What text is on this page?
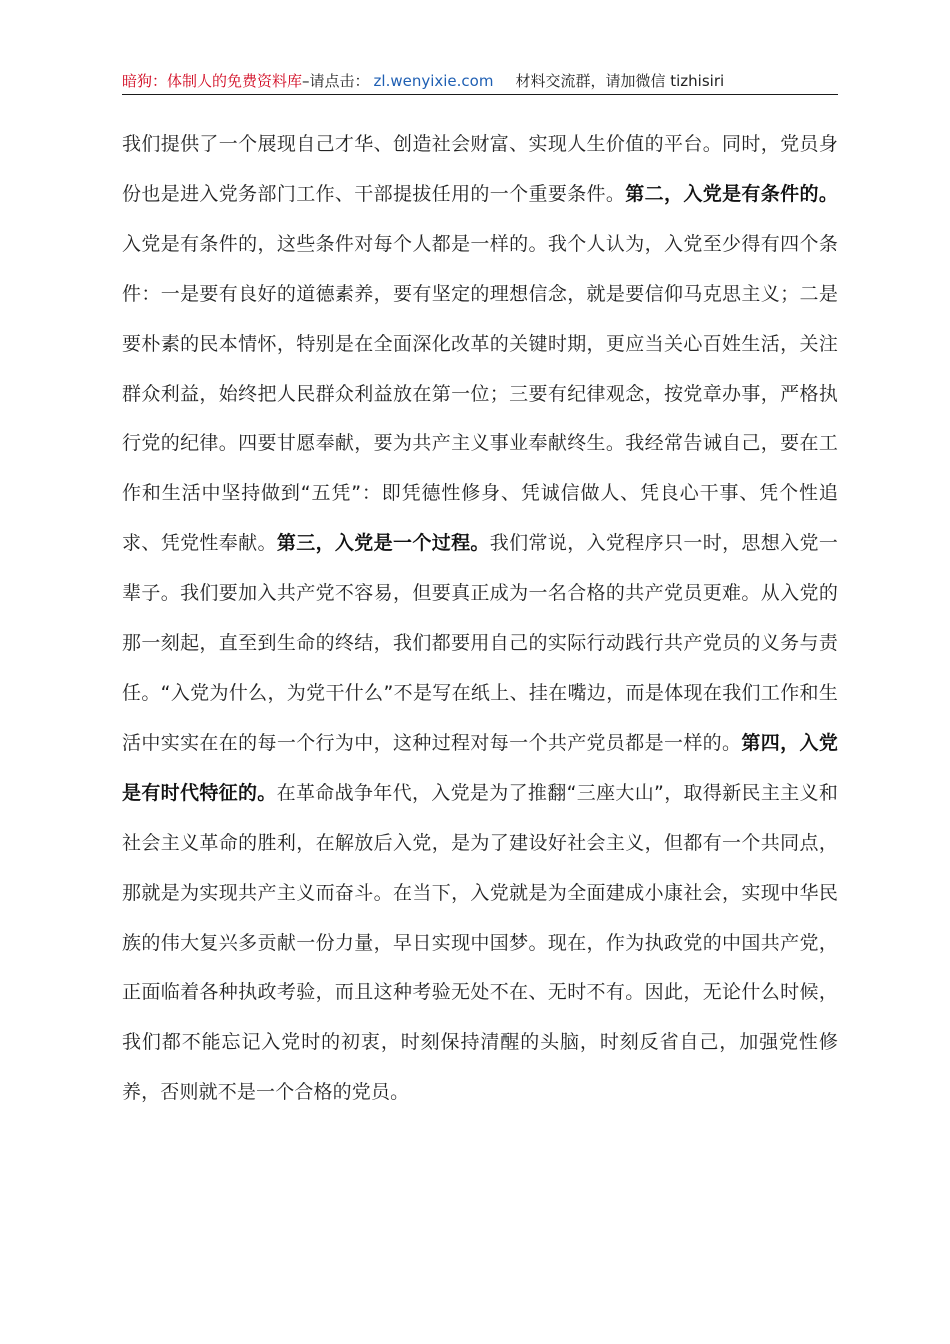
暗狗：体制人的免费资料库–请点击： zl.wenyixie.com 材料交流群，请加微信 tizhisiri

我们提供了一个展现自己才华、创造社会财富、实现人生价值的平台。同时，党员身份也是进入党务部门工作、干部提拔任用的一个重要条件。第二，入党是有条件的。入党是有条件的，这些条件对每个人都是一样的。我个人认为，入党至少得有四个条件：一是要有良好的道德素养，要有坚定的理想信念，就是要信仰马克思主义；二是要朴素的民本情怀，特别是在全面深化改革的关键时期，更应当关心百姓生活，关注群众利益，始终把人民群众利益放在第一位；三要有纪律观念，按党章办事，严格执行党的纪律。四要甘愿奉献，要为共产主义事业奉献终生。我经常告诫自己，要在工作和生活中坚持做到“五凭”：即凭德性修身、凭诚信做人、凭良心干事、凭个性追求、凭党性奉献。第三，入党是一个过程。我们常说，入党程序只一时，思想入党一辈子。我们要加入共产党不容易，但要真正成为一名合格的共产党员更难。从入党的那一刻起，直至到生命的终结，我们都要用自己的实际行动践行共产党员的义务与责任。“入党为什么，为党干什么”不是写在纸上、挂在嘴边，而是体现在我们工作和生活中实实在在的每一个行为中，这种过程对每一个共产党员都是一样的。第四，入党是有时代特征的。在革命战争年代，入党是为了推翻“三座大山”，取得新民主主义和社会主义革命的胜利，在解放后入党，是为了建设好社会主义，但都有一个共同点，那就是为实现共产主义而奋斗。在当下，入党就是为全面建成小康社会，实现中华民族的伟大复兴多贡献一份力量，早日实现中国梦。现在，作为执政党的中国共产党，正面临着各种执政考验，而且这种考验无处不在、无时不有。因此，无论什么时候，我们都不能忘记入党时的初衷，时刻保持清醒的头脑，时刻反省自己，加强党性修养，否则就不是一个合格的党员。
